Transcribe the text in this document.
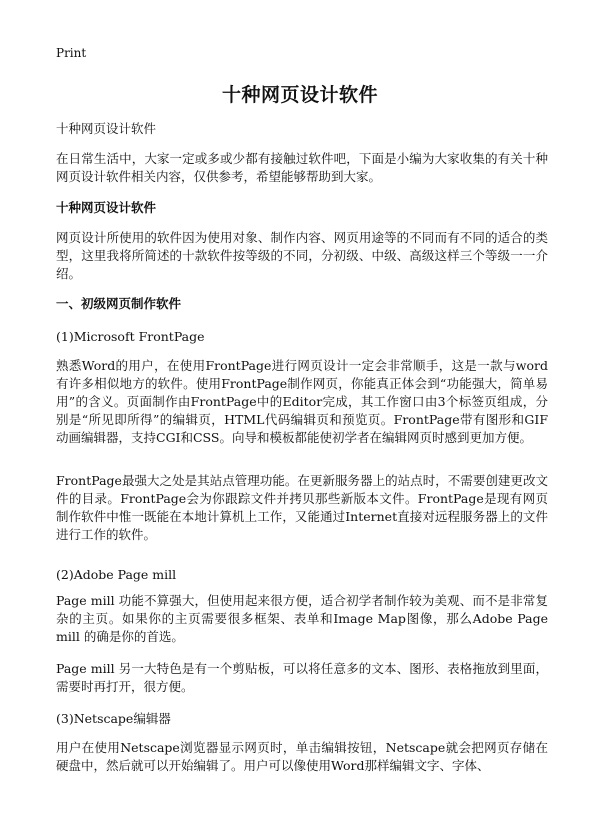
Print
十种网页设计软件
十种网页设计软件
在日常生活中，大家一定或多或少都有接触过软件吧，下面是小编为大家收集的有关十种网页设计软件相关内容，仅供参考，希望能够帮助到大家。
十种网页设计软件
网页设计所使用的软件因为使用对象、制作内容、网页用途等的不同而有不同的适合的类型，这里我将所简述的十款软件按等级的不同，分初级、中级、高级这样三个等级一一介绍。
一、初级网页制作软件
(1)Microsoft FrontPage
熟悉Word的用户，在使用FrontPage进行网页设计一定会非常顺手，这是一款与word有许多相似地方的软件。使用FrontPage制作网页，你能真正体会到“功能强大，简单易用”的含义。页面制作由FrontPage中的Editor完成，其工作窗口由3个标签页组成，分别是“所见即所得”的编辑页，HTML代码编辑页和预览页。FrontPage带有图形和GIF动画编辑器，支持CGI和CSS。向导和模板都能使初学者在编辑网页时感到更加方便。
FrontPage最强大之处是其站点管理功能。在更新服务器上的站点时，不需要创建更改文件的目录。FrontPage会为你跟踪文件并拷贝那些新版本文件。FrontPage是现有网页制作软件中惟一既能在本地计算机上工作，又能通过Internet直接对远程服务器上的文件进行工作的软件。
(2)Adobe Page mill
Page mill 功能不算强大，但使用起来很方便，适合初学者制作较为美观、而不是非常复杂的主页。如果你的主页需要很多框架、表单和Image Map图像，那么Adobe Page mill 的确是你的首选。
Page mill 另一大特色是有一个剪贴板，可以将任意多的文本、图形、表格拖放到里面，需要时再打开，很方便。
(3)Netscape编辑器
用户在使用Netscape浏览器显示网页时，单击编辑按钮，Netscape就会把网页存储在硬盘中，然后就可以开始编辑了。用户可以像使用Word那样编辑文字、字体、
